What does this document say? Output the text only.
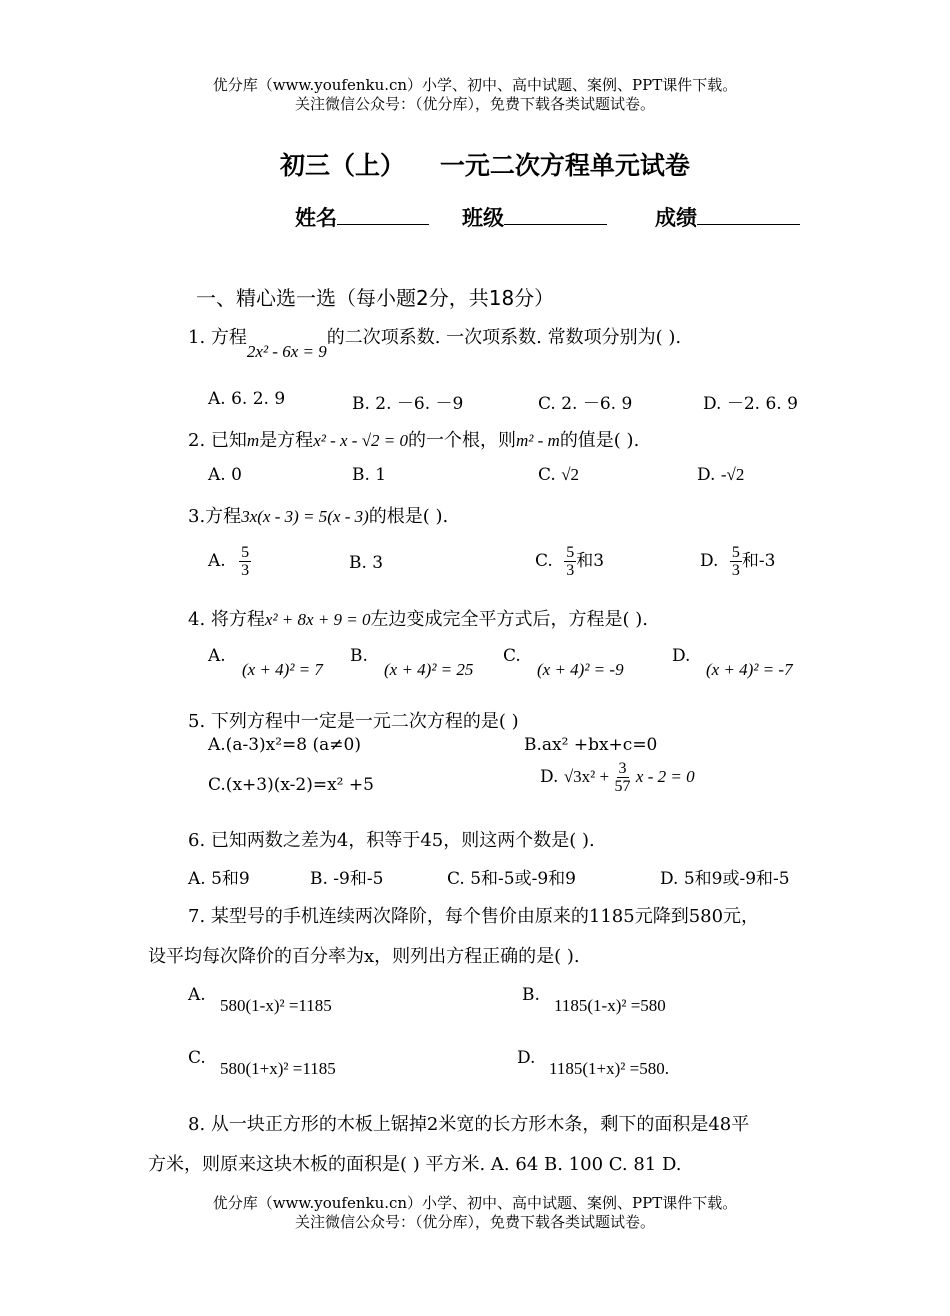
优分库（www.youfenku.cn）小学、初中、高中试题、案例、PPT课件下载。
关注微信公众号：（优分库），免费下载各类试题试卷。
初三（上）    一元二次方程单元试卷
姓名	班级	成绩
一、精心选一选（每小题2分，共18分）
1. 方程2x² - 6x = 9的二次项系数. 一次项系数. 常数项分别为( ).
A. 6. 2. 9	B. 2. －6. －9	C. 2. －6. 9	D. －2. 6. 9
2. 已知m是方程x² - x - √2 = 0的一个根，则m² - m的值是( ).
A. 0	B. 1	C. √2	D. -√2
3.方程3x(x - 3) = 5(x - 3)的根是( ).
A. $\frac{5}{3}$	B. 3	C. $\frac{5}{3}$ 和3	D. $\frac{5}{3}$ 和-3
4. 将方程x² + 8x + 9 = 0左边变成完全平方式后，方程是( ).
A.
(x + 4)² = 7
B.
(x + 4)² = 25
C.
(x + 4)² = -9
D.
(x + 4)² = -7
5. 下列方程中一定是一元二次方程的是( )
A.(a-3)x²=8 (a≠0)	B.ax² +bx+c=0
C.(x+3)(x-2)=x² +5	D. $√3x^2 + \frac{3}{57}$ x - 2 = 0
6. 已知两数之差为4，积等于45，则这两个数是( ).
A. 5和9	B. -9和-5	C. 5和-5或-9和9	D. 5和9或-9和-5
7. 某型号的手机连续两次降阶，每个售价由原来的1185元降到580元，
设平均每次降价的百分率为x，则列出方程正确的是( ).
A.
580(1-x)² =1185
B.
1185(1-x)² =580
C.
580(1+x)² =1185
D.
1185(1+x)² =580.
8. 从一块正方形的木板上锯掉2米宽的长方形木条，剩下的面积是48平
方米，则原来这块木板的面积是( ) 平方米. A. 64 B. 100 C. 81 D.
优分库（www.youfenku.cn）小学、初中、高中试题、案例、PPT课件下载。
关注微信公众号：（优分库），免费下载各类试题试卷。
